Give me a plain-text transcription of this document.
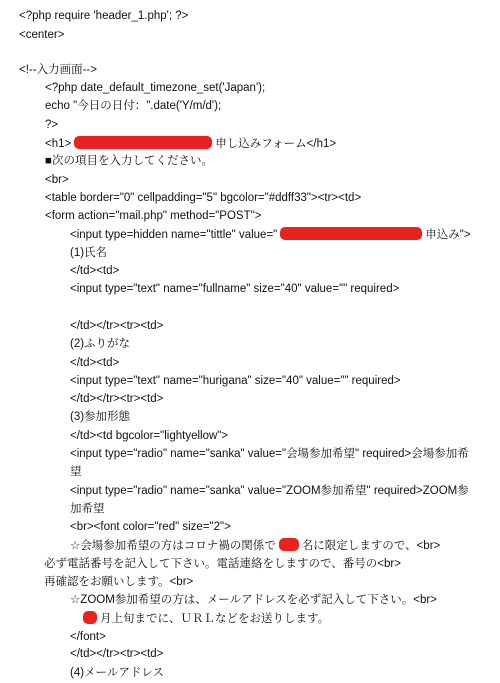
<?php require 'header_1.php'; ?>
<center>
<!--入力画面-->
<?php date_default_timezone_set('Japan');
echo "今日の日付：".date('Y/m/d');
?>
<h1>	申し込みフォーム</h1>
■次の項目を入力してください。
<br>
<table border="0" cellpadding="5" bgcolor="#ddff33"><tr><td>
<form action="mail.php" method="POST">
<input type=hidden name="tittle" value="	申込み">
(1)氏名
</td><td>
<input type="text" name="fullname" size="40" value="" required>
</td></tr><tr><td>
(2)ふりがな
</td><td>
<input type="text" name="hurigana" size="40" value="" required>
</td></tr><tr><td>
(3)参加形態
</td><td bgcolor="lightyellow">
<input type="radio" name="sanka" value="会場参加希望" required>会場参加希
望
<input type="radio" name="sanka" value="ZOOM参加希望" required>ZOOM参
加希望
<br><font color="red" size="2">
☆会場参加希望の方はコロナ禍の関係で 名に限定しますので、<br>
必ず電話番号を記入して下さい。電話連絡をしますので、番号の<br>
再確認をお願いします。<br>
☆ZOOM参加希望の方は、メールアドレスを必ず記入して下さい。<br>
月上旬までに、ＵＲＬなどをお送りします。
</font>
</td></tr><tr><td>
(4)メールアドレス
